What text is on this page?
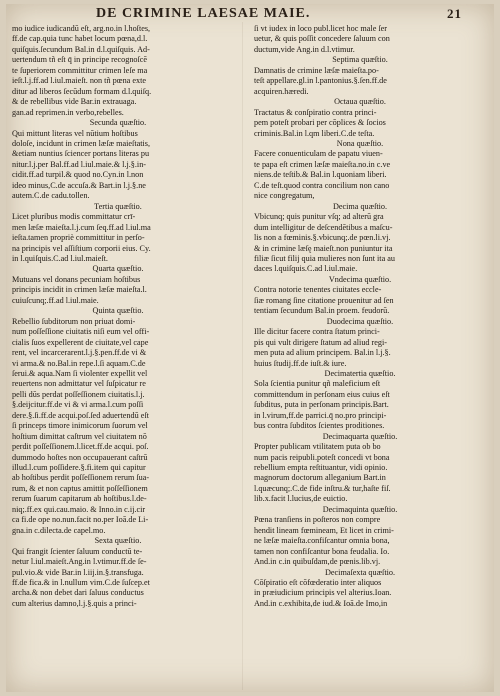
DE CRIMINE LAESAE MAIE.	21
mo iudice iudicandū eſt, arg.no.in l.hoſtes,
ff.de cap.quia tunc habet locum pœna,d.l.
quiſquis.ſecundum Bal.in d.l.quiſquis. Ad-
uertendum tñ eſt q̄ in principe recognoſcē
te ſuperiorem committitur crimen leſe ma
ieſt.l.j.ff.ad l.iul.maieſt. non tñ pœna exte
ditur ad liberos ſecūdum formam d.l.quiſq.
& de rebellibus vide Bar.in extrauaga.
gan.ad reprimen.in verbo,rebelles.
Secunda quæſtio.
Qui mittunt literas vel nūtium hoſtibus
doloſe, incidunt in crimen læſæ maieſtatis,
&etiam nuntius ſciencer portans literas pu
nitur.l.j.per Bal.ff.ad l.iul.maie.& l.j.§.in-
cidit.ff.ad turpil.& quod no.Cyn.in l.non
ideo minus,C.de accuſa.& Bart.in l.j.§.ne
autem.C.de cadu.tollen.
Tertia quæſtio.
Licet pluribus modis committatur crī-
men læſæ maieſta.l.j.cum ſeq.ff.ad l.iul.ma
ieſta.tamen propriè committitur in perſo-
na principis vel aſſiſtium corporii eius. Cy.
in l.quiſquis.C.ad l.iul.maieſt.
Quarta quæſtio.
Mutuans vel donans pecuniam hoſtibus
principis incidit in crimen læſæ maieſta.l.
cuiuſcunq;.ff.ad l.iul.maie.
Quinta quæſtio.
Rebellio ſubditorum non priuat domi-
num poſſeſſione ciuitatis niſi eum vel offi-
cialis ſuos expellerent de ciuitate,vel cape
rent, vel incarcerarent.l.j.§.pen.ff.de vi &
vi arma.& no.Bal.in repe.l.ſi aquam.C.de
ſerui.& aqua.Nam ſi violenter expellit vel
reuertens non admittatur vel ſuſpicatur re
pelli dūs perdat poſſeſſionem ciuitatis.l.j.
§.deijcitur.ff.de vi & vi arma.l.cum poſſi
dere.§.ſi.ff.de acqui.poſ.ſed aduertendū eſt
ſi princeps timore inimicorum ſuorum vel
hoſtium dimittat caſtrum vel ciuitatem nō
perdit poſſeſſionem.l.licet.ff.de acqui. poſ.
dummodo hoſtes non occupauerant caſtrū
illud.l.cum poſſidere.§.fi.item qui capitur
ab hoſtibus perdit poſſeſſionem rerum ſua-
rum, & et non captus amittit poſſeſſionem
rerum ſuarum capitarum ab hoſtibus.l.de-
niq;.ff.ex qui.cau.maio. & Inno.in c.ij.cir
ca fi.de ope no.nun.facit no.per Ioā.de Li-
gna.in c.dilecta.de capel.mo.
Sexta quæſtio.
Qui frangit ſcienter ſaluum conductū te-
netur l.iul.maieſt.Ang.in l.vtimur.ff.de ſe-
pul.vio.& vide Bar.in l.iij.in.§.transfuga.
ff.de fica.& in l.nullum vim.C.de ſuſcep.et
archa.& non debet dari ſaluus conductus
cum alterius damno,l.j.§.quis a princi-
ſi vt iudex in loco publ.licet hoc male ſer
uetur, & quis poſſit concedere ſaluum con
ductum,vide Ang.in d.l.vtimur.
Septima quæſtio.
Damnatis de crimine læſæ maieſta.po-
teſt appellare.gl.in l.pantonius.§.ſen.ff.de
acquiren.hæredi.
Octaua quæſtio.
Tractatus & conſpiratio contra princi-
pem poteſt probari per cōplices & ſocios
criminis.Bal.in l.qm liberi.C.de teſta.
Nona quæſtio.
Facere conuenticulam de papatu viuen-
te papa eſt crimen læſæ maieſta.no.in c.ve
niens.de teſtib.& Bal.in l.quoniam liberi.
C.de teſt.quod contra concilium non cano
nice congregatum,
Decima quæſtio.
Vbicunq; quis punitur vſq; ad alterū gra
dum intelligitur de deſcendētibus a maſcu-
lis non a fœminis.§.vbicunq;.de pœn.li.vj.
& in crimine læſę maieſt.non puniuntur ita
filiæ ſicut filij quia mulieres non ſunt ita au
daces l.quiſquis.C.ad l.iul.maie.
Vndecima quæſtio.
Contra notorie tenentes ciuitates eccle-
ſiæ romang ſine citatione prouenitur ad ſen
tentiam ſecundum Bal.in proem. feudorū.
Duodecima quæſtio.
Ille dicitur facere contra ſtatum princi-
pis qui vult dirigere ſtatum ad aliud regi-
men puta ad alium principem. Bal.in l.j.§.
huius ſtudij.ff.de iuſt.& iure.
Decimatertia quæſtio.
Sola ſcientia punitur qñ maleficium eſt
committendum in perſonam eius cuius eſt
ſubditus, puta in perſonam principis.Bart.
in l.virum,ff.de parrici.q̄ no.pro principi-
bus contra ſubditos ſcientes proditiones.
Decimaquarta quæſtio.
Propter publicam vtilitatem puta ob bo
num pacis reipubli.poteſt concedi vt bona
rebellium empta reſtituantur, vidi opinio.
magnorum doctorum alleganium Bart.in
l.quæcunq;.C.de fide inſtru.& tur,haſte fiſ.
lib.x.facit l.lucius,de euictio.
Decimaquinta quæſtio.
Pœna tranſiens in poſteros non compre
hendit lineam fœmineam, Et licet in crimi-
ne læſæ maieſta.confiſcantur omnia bona,
tamen non confiſcantur bona feudalia. Io.
And.in c.in quibuſdam,de pœnis.lib.vj.
Decimaſexta quæſtio.
Cōſpiratio eſt cōfœderatio inter aliquos
in præiudicium principis vel alterius.Ioan.
And.in c.exhibita,de iud.& Ioā.de Imo,in
